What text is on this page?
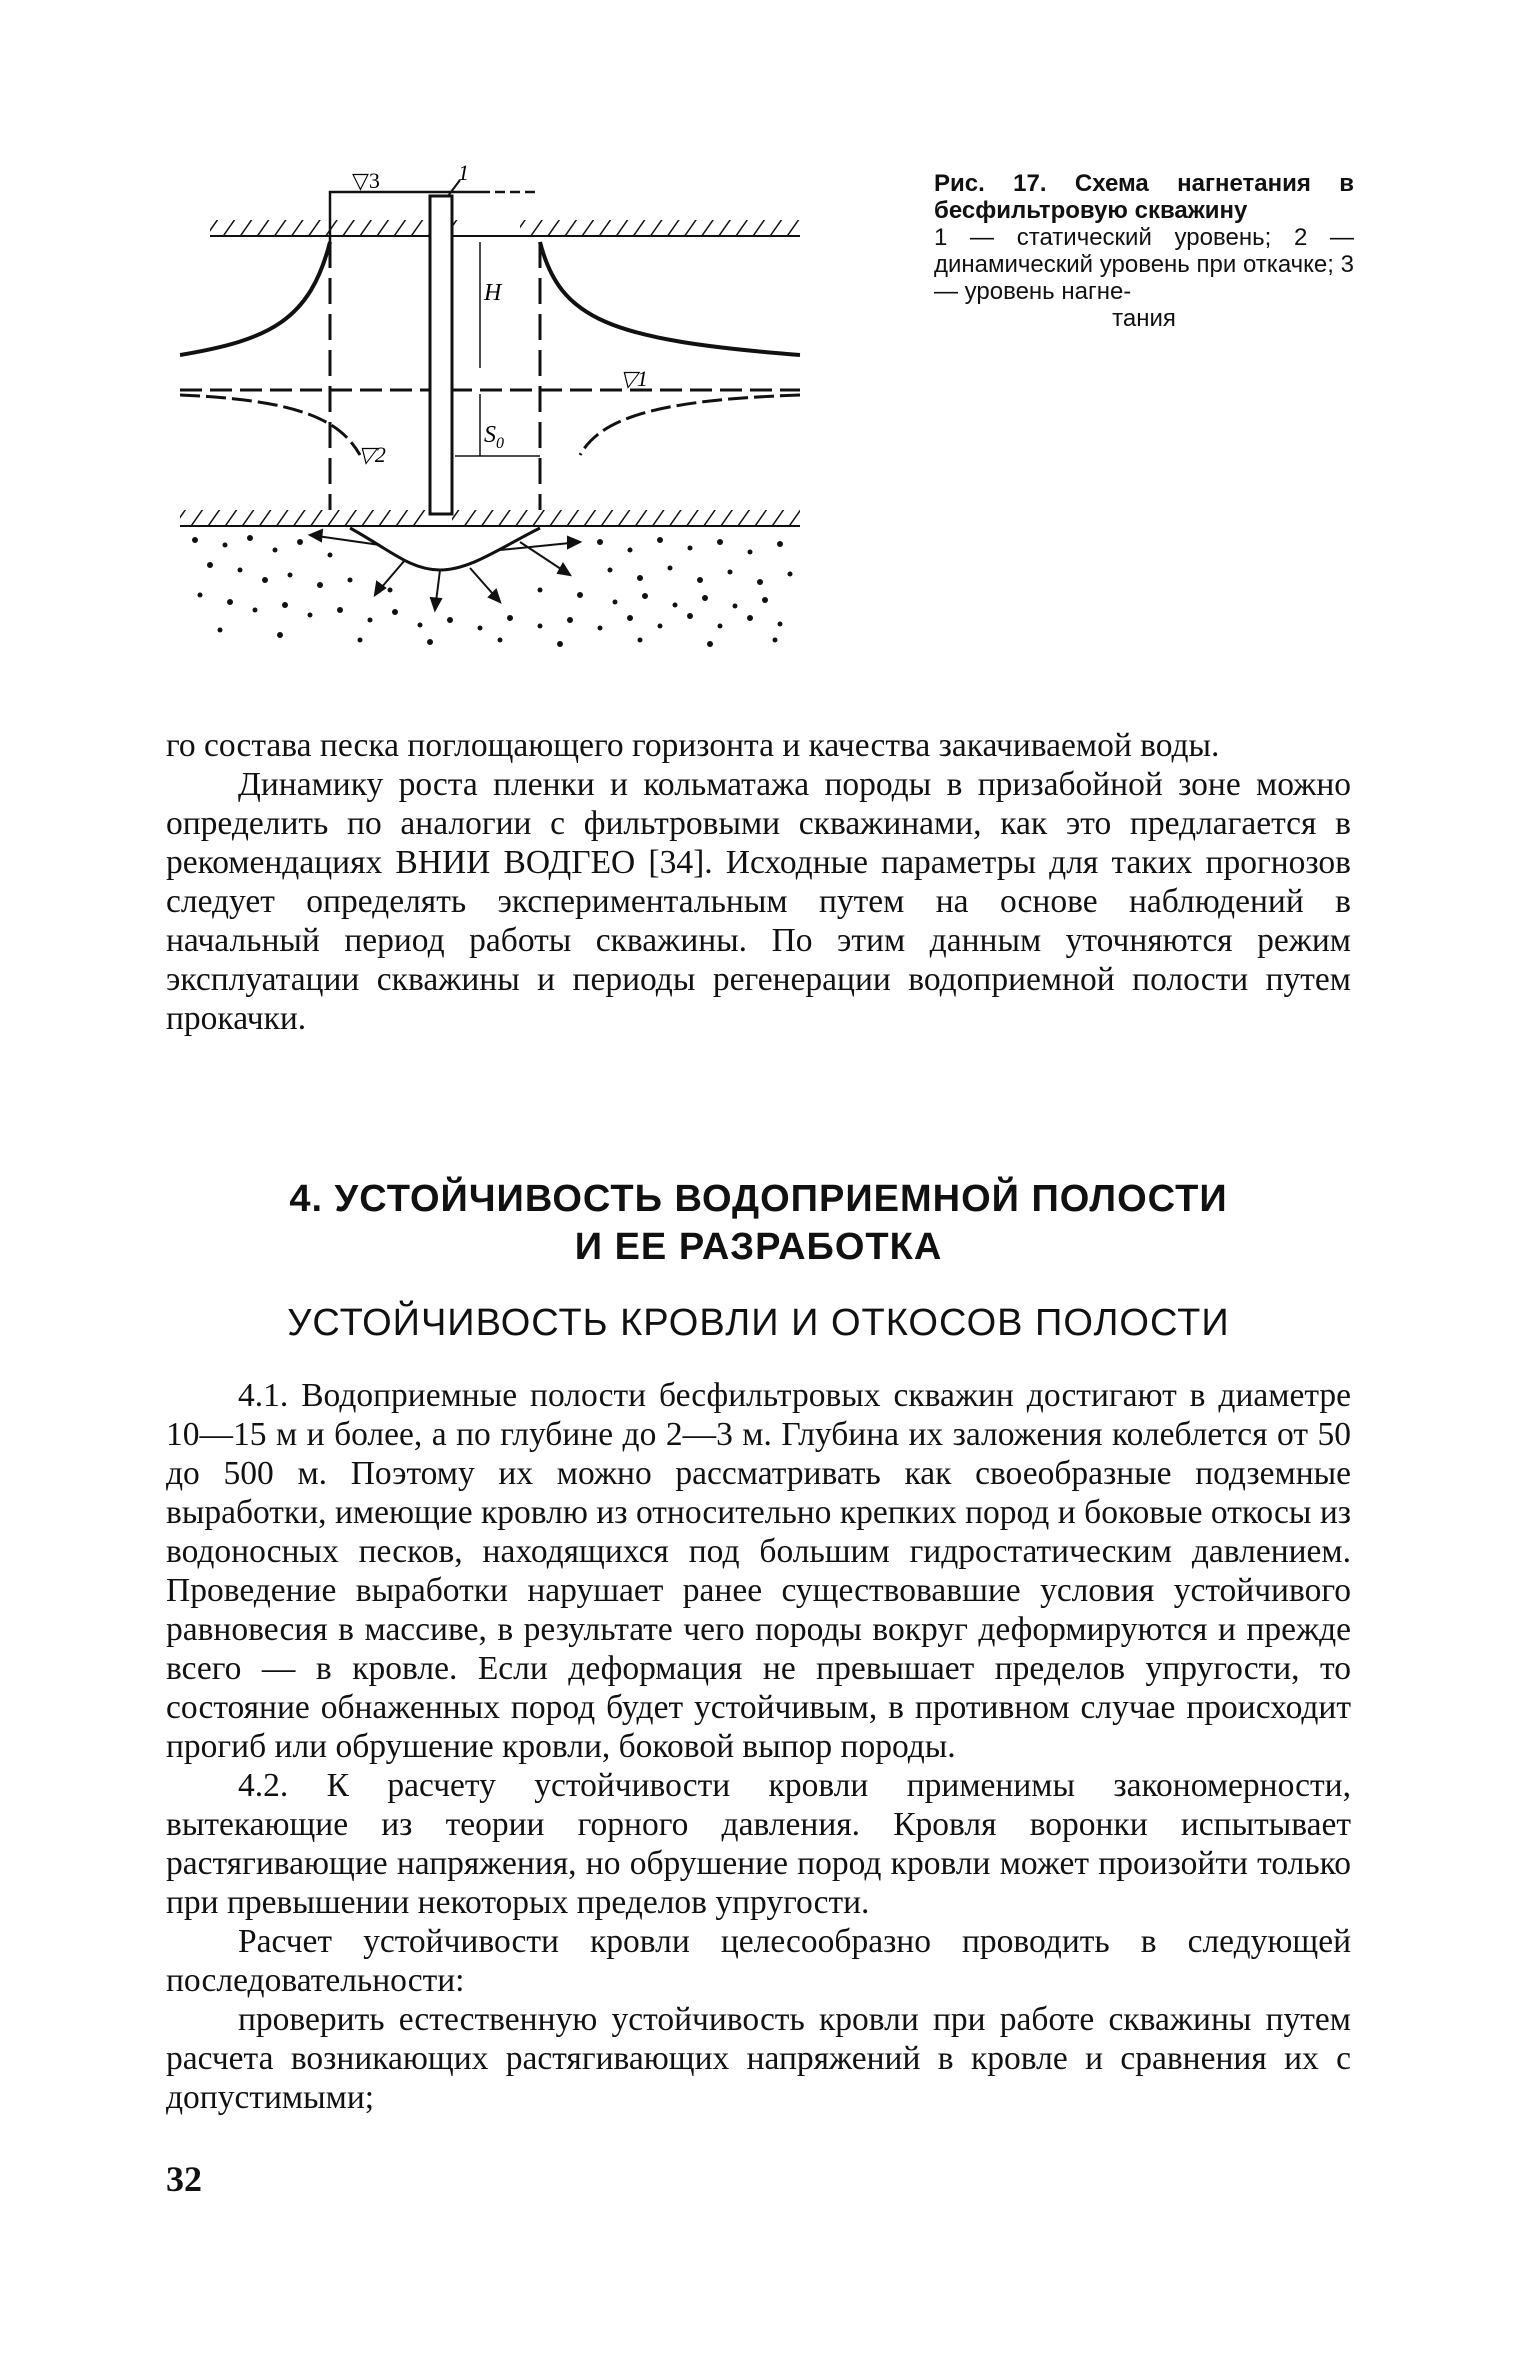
▽3	1
▽1
▽2
H
$S_0$
Рис. 17. Схема нагнетания в бесфильтровую скважину
1 — статический уровень; 2 — динамический уровень при откачке; 3 — уровень нагне-
тания

го состава песка поглощающего горизонта и качества закачиваемой воды.

Динамику роста пленки и кольматажа породы в призабойной зоне можно определить по аналогии с фильтровыми скважинами, как это предлагается в рекомендациях ВНИИ ВОДГЕО [34]. Исходные параметры для таких прогнозов следует определять экспериментальным путем на основе наблюдений в начальный период работы скважины. По этим данным уточняются режим эксплуатации скважины и периоды регенерации водоприемной полости путем прокачки.

4. УСТОЙЧИВОСТЬ ВОДОПРИЕМНОЙ ПОЛОСТИ
И ЕЕ РАЗРАБОТКА
УСТОЙЧИВОСТЬ КРОВЛИ И ОТКОСОВ ПОЛОСТИ

4.1. Водоприемные полости бесфильтровых скважин достигают в диаметре 10—15 м и более, а по глубине до 2—3 м. Глубина их заложения колеблется от 50 до 500 м. Поэтому их можно рассматривать как своеобразные подземные выработки, имеющие кровлю из относительно крепких пород и боковые откосы из водоносных песков, находящихся под большим гидростатическим давлением. Проведение выработки нарушает ранее существовавшие условия устойчивого равновесия в массиве, в результате чего породы вокруг деформируются и прежде всего — в кровле. Если деформация не превышает пределов упругости, то состояние обнаженных пород будет устойчивым, в противном случае происходит прогиб или обрушение кровли, боковой выпор породы.

4.2. К расчету устойчивости кровли применимы закономерности, вытекающие из теории горного давления. Кровля воронки испытывает растягивающие напряжения, но обрушение пород кровли может произойти только при превышении некоторых пределов упругости.

Расчет устойчивости кровли целесообразно проводить в следующей последовательности:

проверить естественную устойчивость кровли при работе скважины путем расчета возникающих растягивающих напряжений в кровле и сравнения их с допустимыми;

32
